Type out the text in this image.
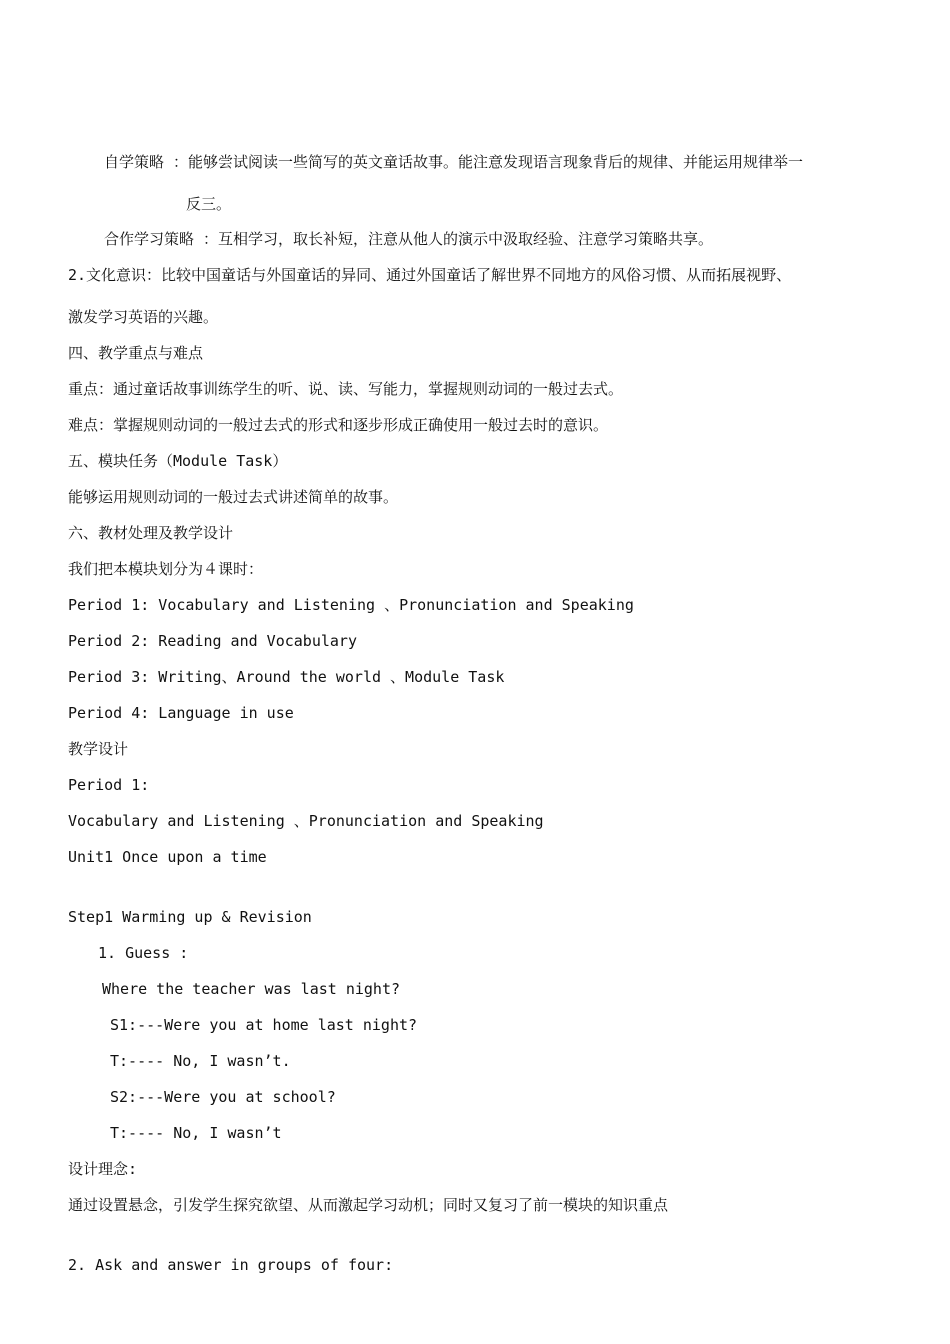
自学策略 ：能够尝试阅读一些简写的英文童话故事。能注意发现语言现象背后的规律、并能运用规律举一
反三。
合作学习策略 ：互相学习，取长补短，注意从他人的演示中汲取经验、注意学习策略共享。
2.文化意识：比较中国童话与外国童话的异同、通过外国童话了解世界不同地方的风俗习惯、从而拓展视野、
激发学习英语的兴趣。
四、教学重点与难点
重点：通过童话故事训练学生的听、说、读、写能力，掌握规则动词的一般过去式。
难点：掌握规则动词的一般过去式的形式和逐步形成正确使用一般过去时的意识。
五、模块任务（Module Task）
能够运用规则动词的一般过去式讲述简单的故事。
六、教材处理及教学设计
我们把本模块划分为４课时：
Period 1: Vocabulary and Listening 、Pronunciation and Speaking
Period 2: Reading and Vocabulary
Period 3: Writing、Around the world 、Module Task
Period 4: Language in use
教学设计
Period 1:
Vocabulary and Listening 、Pronunciation and Speaking
Unit1 Once upon a time
Step1 Warming up & Revision
1. Guess :
Where the teacher was last night?
S1:---Were you at home last night?
T:---- No, I wasn’t.
S2:---Were you at school?
T:---- No, I wasn’t
设计理念:
通过设置悬念，引发学生探究欲望、从而激起学习动机；同时又复习了前一模块的知识重点
2. Ask and answer in groups of four:
